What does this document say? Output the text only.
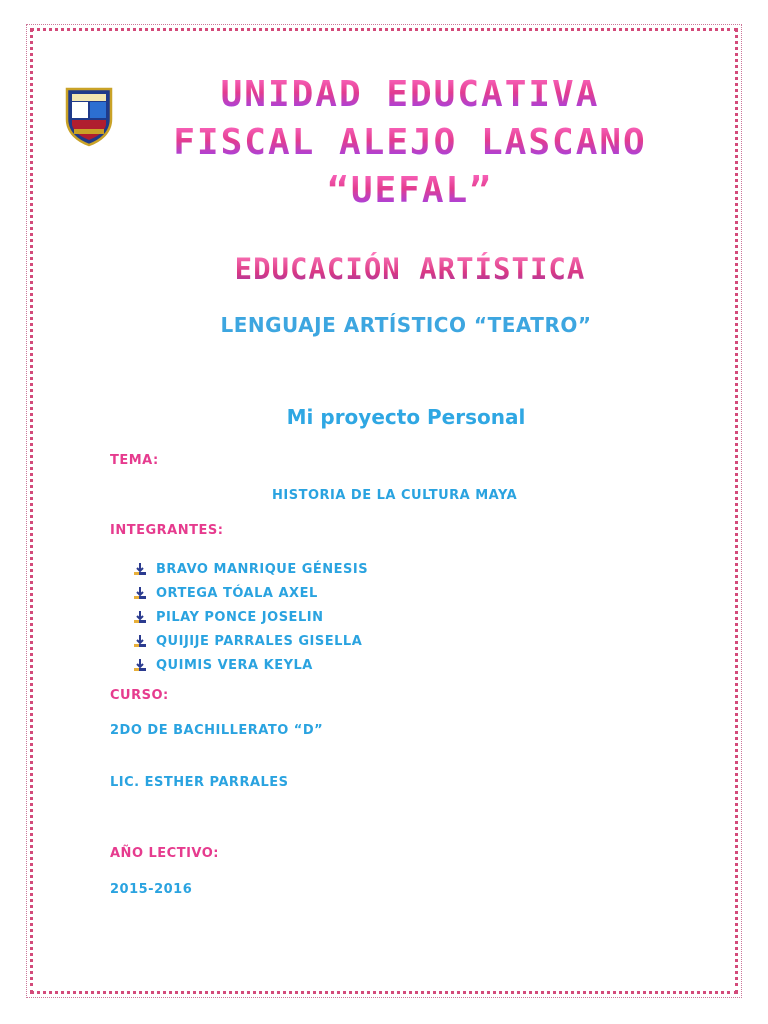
UNIDAD EDUCATIVA
FISCAL ALEJO LASCANO
“UEFAL”
EDUCACIÓN ARTÍSTICA
LENGUAJE ARTÍSTICO “TEATRO”
Mi proyecto Personal
TEMA:
HISTORIA DE LA CULTURA MAYA
INTEGRANTES:
BRAVO MANRIQUE GÉNESIS
ORTEGA TÓALA AXEL
PILAY PONCE JOSELIN
QUIJIJE PARRALES GISELLA
QUIMIS VERA KEYLA
CURSO:
2DO DE BACHILLERATO “D”
LIC. ESTHER PARRALES
AÑO LECTIVO:
2015-2016
